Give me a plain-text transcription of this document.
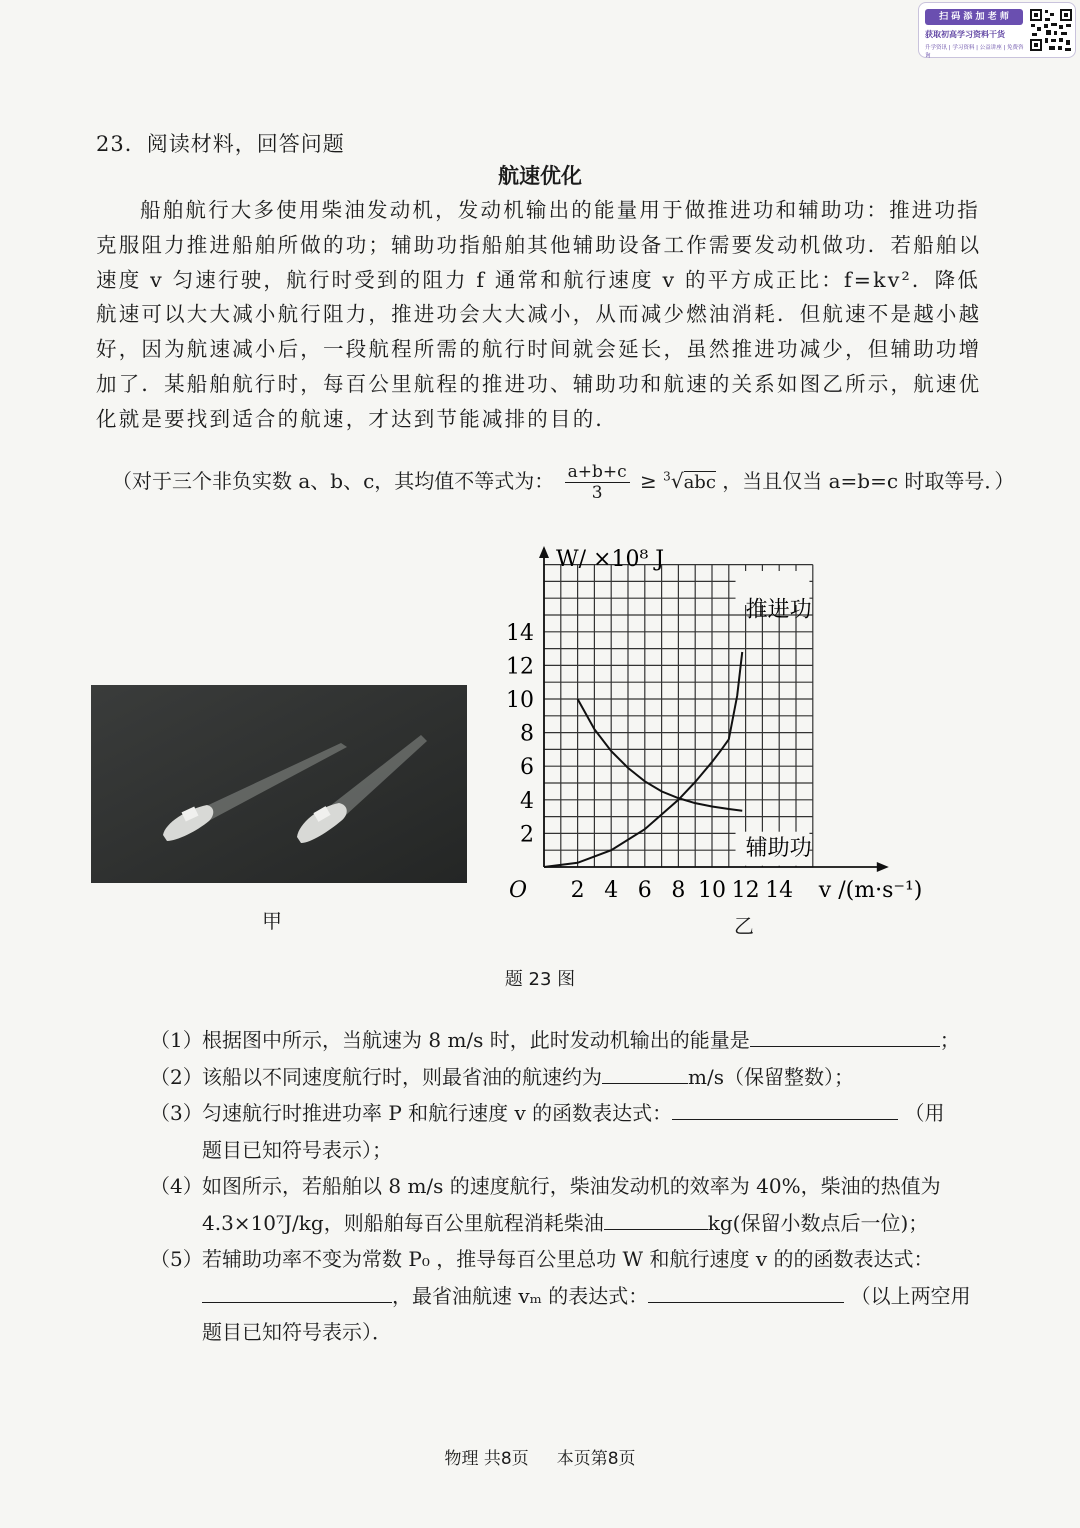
扫 码 添 加 老 师
获取初高学习资料干货
升学资讯 | 学习资料 | 公益讲座 | 免费咨询
23．阅读材料，回答问题
航速优化

船舶航行大多使用柴油发动机，发动机输出的能量用于做推进功和辅助功：推进功指克服阻力推进船舶所做的功；辅助功指船舶其他辅助设备工作需要发动机做功．若船舶以速度 v 匀速行驶，航行时受到的阻力 f 通常和航行速度 v 的平方成正比：f=kv²．降低航速可以大大减小航行阻力，推进功会大大减小，从而减少燃油消耗．但航速不是越小越好，因为航速减小后，一段航程所需的航行时间就会延长，虽然推进功减少，但辅助功增加了．某船舶航行时，每百公里航程的推进功、辅助功和航速的关系如图乙所示，航速优化就是要找到适合的航速，才达到节能减排的目的．

（对于三个非负实数 a、b、c，其均值不等式为： $\frac{a+b+c}{3} \ge ^3√abc$ ，当且仅当 a=b=c 时取等号．）
甲
2 4 6 8 10 12 14
2
4
6
8
10
12
14
O
W/ ×10⁸ J
v /(m·s⁻¹)
推进功
辅助功
乙
题 23 图
（1） 根据图中所示，当航速为 8 m/s 时，此时发动机输出的能量是	；
（2） 该船以不同速度航行时，则最省油的航速约为	m/s（保留整数）；
（3） 匀速航行时推进功率 P 和航行速度 v 的函数表达式：	（用
题目已知符号表示）；
（4） 如图所示，若船舶以 8 m/s 的速度航行，柴油发动机的效率为 40%，柴油的热值为
4.3×10⁷J/kg，则船舶每百公里航程消耗柴油	kg(保留小数点后一位)；
（5） 若辅助功率不变为常数 P₀ ，推导每百公里总功 W 和航行速度 v 的的函数表达式：
，最省油航速 vₘ 的表达式：	（以上两空用
题目已知符号表示）．
物理 共8页 本页第8页
